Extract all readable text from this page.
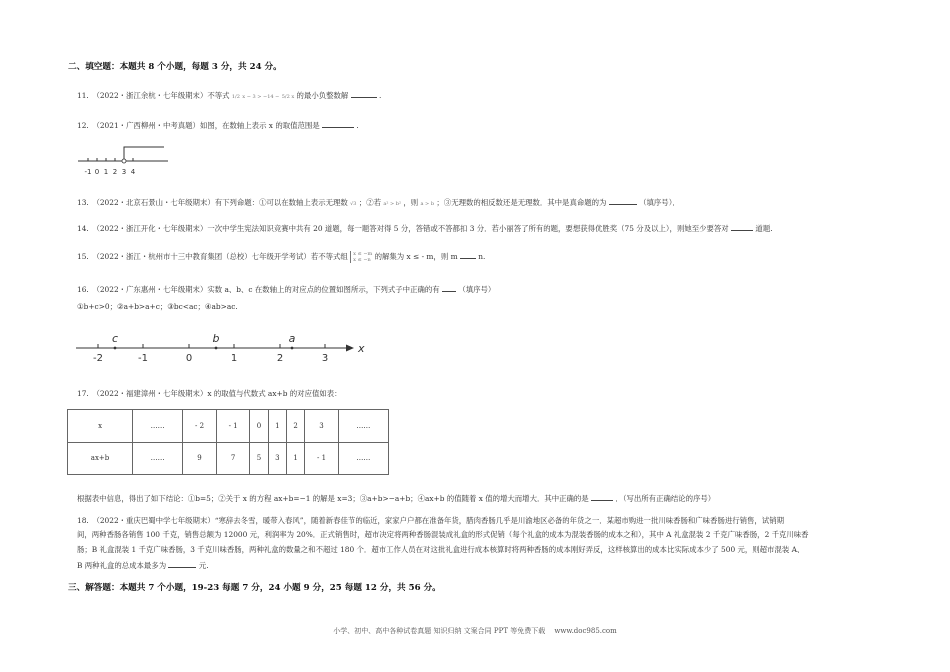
二、填空题：本题共 8 个小题，每题 3 分，共 24 分。
11.　（2022・浙江余杭・七年级期末）不等式 1/2 x − 3 > −14 − 5/2 x 的最小负整数解	.
12.　（2021・广西柳州・中考真题）如图，在数轴上表示 x 的取值范围是	.
-1 0 1 2 3 4
13.　（2022・北京石景山・七年级期末）有下列命题：①可以在数轴上表示无理数 √3 ；②若 a² > b² ，则 a > b ；③无理数的相反数还是无理数．其中是真命题的为	（填序号）．
14.　（2022・浙江开化・七年级期末）一次中学生宪法知识竞赛中共有 20 道题，每一题答对得 5 分，答错或不答都扣 3 分．若小丽答了所有的题，要想获得优胜奖（75 分及以上），则她至少要答对	道题.
15.　（2022・浙江・杭州市十三中教育集团（总校）七年级开学考试）若不等式组 x ≤ −m
x ≤ −n 的解集为 x ≤ - m，则 m	n.
16.　（2022・广东惠州・七年级期末）实数 a、b、c 在数轴上的对应点的位置如图所示，下列式子中正确的有	（填序号）
①b+c>0；②a+b>a+c；③bc<ac；④ab>ac.
x
c	b	a
-2	-1	0	1	2	3
17.　（2022・福建漳州・七年级期末）x 的取值与代数式 ax+b 的对应值如表：
x	……	- 2	- 1	0	1	2	3	……
ax+b	……	9	7	5	3	1	- 1	……
根据表中信息，得出了如下结论：①b=5；②关于 x 的方程 ax+b=−1 的解是 x=3；③a+b>−a+b；④ax+b 的值随着 x 值的增大而增大．其中正确的是	．（写出所有正确结论的序号）
18.　（2022・重庆巴蜀中学七年级期末）“寒辞去冬雪，暖带入春风”，随着新春佳节的临近，家家户户都在准备年货，腊肉香肠几乎是川渝地区必备的年货之一．某超市购进一批川味香肠和广味香肠进行销售，试销期
间，两种香肠各销售 100 千克，销售总额为 12000 元，利润率为 20%．正式销售时，超市决定将两种香肠混装成礼盒的形式促销（每个礼盒的成本为混装香肠的成本之和），其中 A 礼盒混装 2 千克广味香肠，2 千克川味香
肠；B 礼盒混装 1 千克广味香肠，3 千克川味香肠，两种礼盒的数量之和不超过 180 个．超市工作人员在对这批礼盒进行成本核算时将两种香肠的成本刚好弄反，这样核算出的成本比实际成本少了 500 元，则超市混装 A、
B 两种礼盒的总成本最多为	元.
三、解答题：本题共 7 个小题，19-23 每题 7 分，24 小题 9 分，25 每题 12 分，共 56 分。
小学、初中、高中各种试卷真题 知识归纳 文案合同 PPT 等免费下载　 www.doc985.com
